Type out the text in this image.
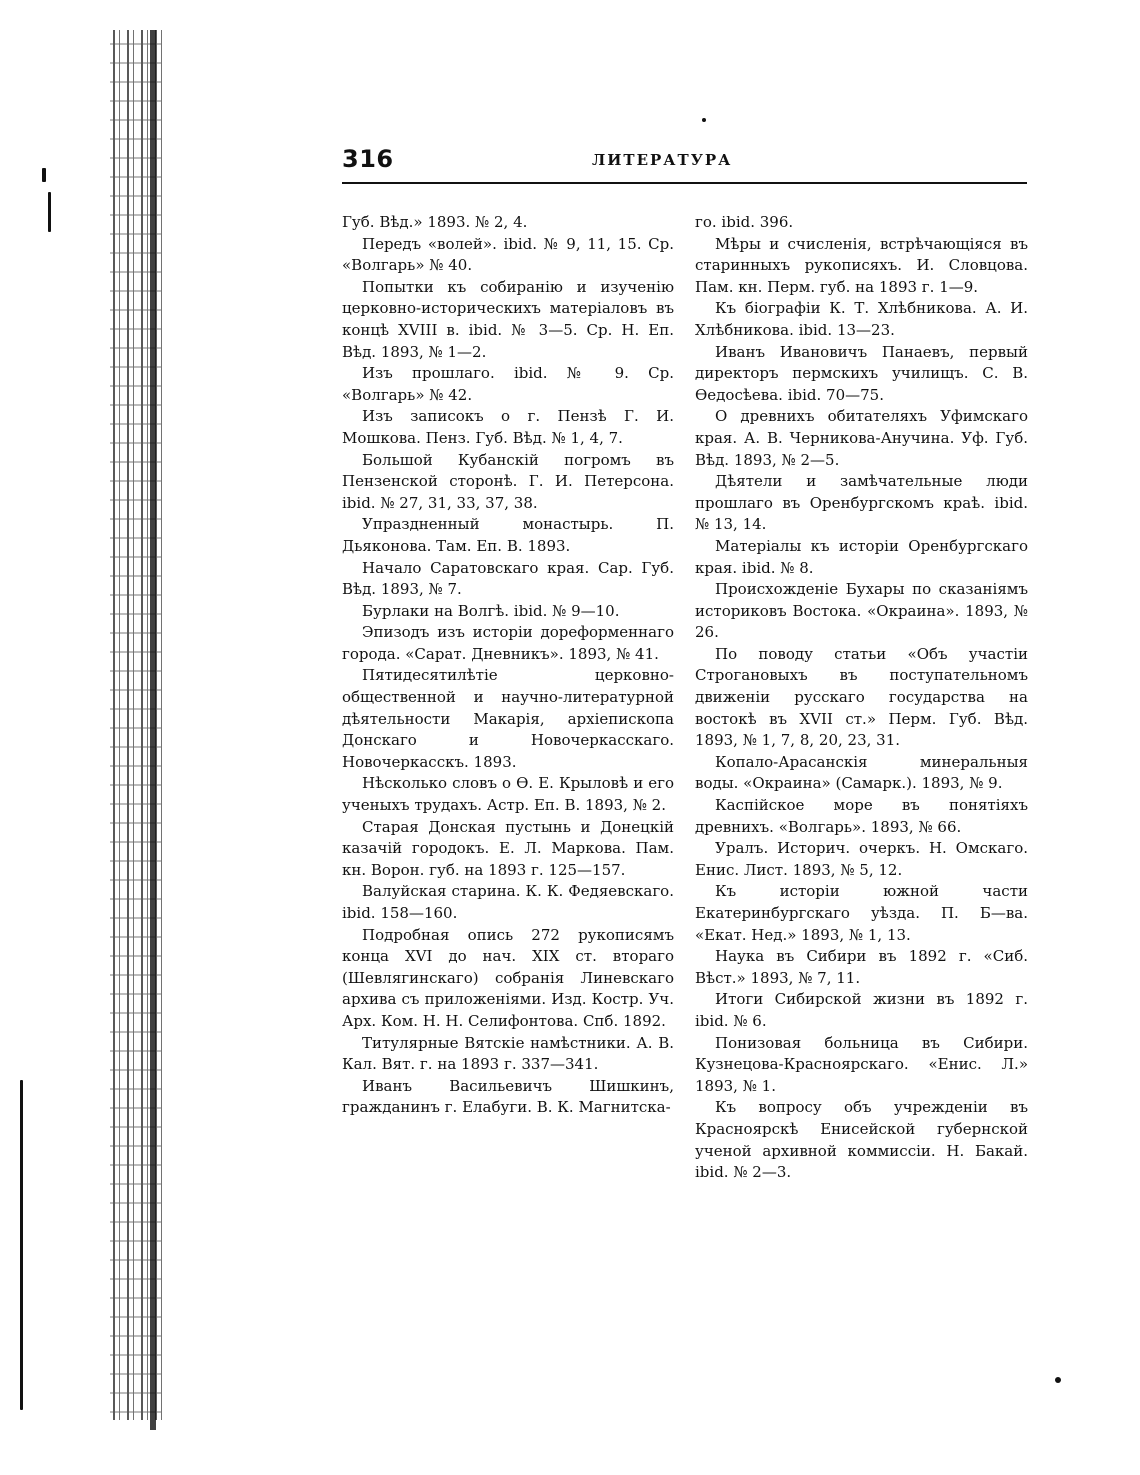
316	ЛИТЕРАТУРА

Губ. Вѣд.» 1893. № 2, 4.

Передъ «волей». ibid. № 9, 11, 15. Ср. «Волгарь» № 40.

Попытки къ собиранію и изученію церковно-историческихъ матеріаловъ въ концѣ XVIII в. ibid. № 3—5. Ср. Н. Еп. Вѣд. 1893, № 1—2.

Изъ прошлаго. ibid. № 9. Ср. «Волгарь» № 42.

Изъ записокъ о г. Пензѣ Г. И. Мошкова. Пенз. Губ. Вѣд. № 1, 4, 7.

Большой Кубанскій погромъ въ Пензенской сторонѣ. Г. И. Петерсона. ibid. № 27, 31, 33, 37, 38.

Упраздненный монастырь. П. Дьяконова. Там. Еп. В. 1893.

Начало Саратовскаго края. Сар. Губ. Вѣд. 1893, № 7.

Бурлаки на Волгѣ. ibid. № 9—10.

Эпизодъ изъ исторіи дореформеннаго города. «Сарат. Дневникъ». 1893, № 41.

Пятидесятилѣтіе церковно-общественной и научно-литературной дѣятельности Макарія, архіепископа Донскаго и Новочеркасскаго. Новочеркасскъ. 1893.

Нѣсколько словъ о Ѳ. Е. Крыловѣ и его ученыхъ трудахъ. Астр. Еп. В. 1893, № 2.

Старая Донская пустынь и Донецкій казачій городокъ. Е. Л. Маркова. Пам. кн. Ворон. губ. на 1893 г. 125—157.

Валуйская старина. К. К. Федяевскаго. ibid. 158—160.

Подробная опись 272 рукописямъ конца XVI до нач. XIX ст. втораго (Шевлягинскаго) собранія Линевскаго архива съ приложеніями. Изд. Костр. Уч. Арх. Ком. Н. Н. Селифонтова. Спб. 1892.

Титулярные Вятскіе намѣстники. А. В. Кал. Вят. г. на 1893 г. 337—341.

Иванъ Васильевичъ Шишкинъ, гражданинъ г. Елабуги. В. К. Магнитска-

го. ibid. 396.

Мѣры и счисленія, встрѣчающіяся въ старинныхъ рукописяхъ. И. Словцова. Пам. кн. Перм. губ. на 1893 г. 1—9.

Къ біографіи К. Т. Хлѣбникова. А. И. Хлѣбникова. ibid. 13—23.

Иванъ Ивановичъ Панаевъ, первый директоръ пермскихъ училищъ. С. В. Ѳедосѣева. ibid. 70—75.

О древнихъ обитателяхъ Уфимскаго края. А. В. Черникова-Анучина. Уф. Губ. Вѣд. 1893, № 2—5.

Дѣятели и замѣчательные люди прошлаго въ Оренбургскомъ краѣ. ibid. № 13, 14.

Матеріалы къ исторіи Оренбургскаго края. ibid. № 8.

Происхожденіе Бухары по сказаніямъ историковъ Востока. «Окраина». 1893, № 26.

По поводу статьи «Объ участіи Строгановыхъ въ поступательномъ движеніи русскаго государства на востокѣ въ XVII ст.» Перм. Губ. Вѣд. 1893, № 1, 7, 8, 20, 23, 31.

Копало-Арасанскія минеральныя воды. «Окраина» (Самарк.). 1893, № 9.

Каспійское море въ понятіяхъ древнихъ. «Волгарь». 1893, № 66.

Уралъ. Историч. очеркъ. Н. Омскаго. Енис. Лист. 1893, № 5, 12.

Къ исторіи южной части Екатеринбургскаго уѣзда. П. Б—ва. «Екат. Нед.» 1893, № 1, 13.

Наука въ Сибири въ 1892 г. «Сиб. Вѣст.» 1893, № 7, 11.

Итоги Сибирской жизни въ 1892 г. ibid. № 6.

Понизовая больница въ Сибири. Кузнецова-Красноярскаго. «Енис. Л.» 1893, № 1.

Къ вопросу объ учрежденіи въ Красноярскѣ Енисейской губернской ученой архивной коммиссіи. Н. Бакай. ibid. № 2—3.
